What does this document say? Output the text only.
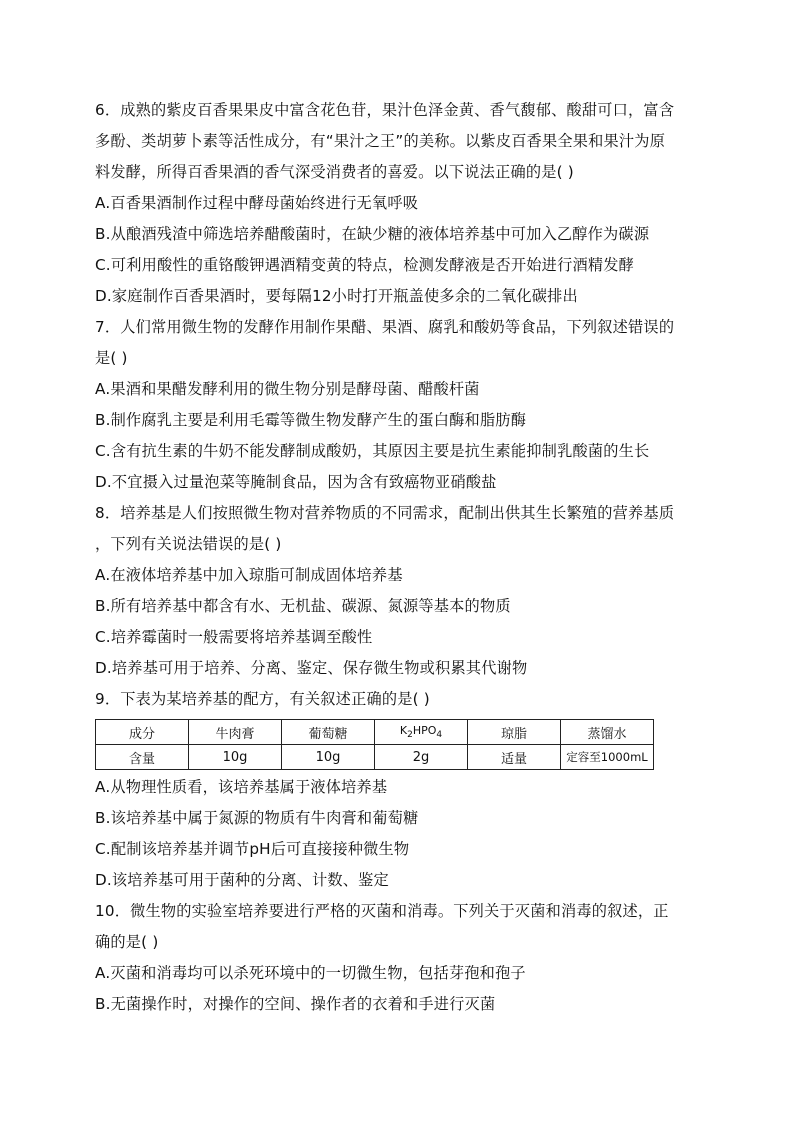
6．成熟的紫皮百香果果皮中富含花色苷，果汁色泽金黄、香气馥郁、酸甜可口，富含
多酚、类胡萝卜素等活性成分，有“果汁之王”的美称。以紫皮百香果全果和果汁为原
料发酵，所得百香果酒的香气深受消费者的喜爱。以下说法正确的是( )
A.百香果酒制作过程中酵母菌始终进行无氧呼吸
B.从酿酒残渣中筛选培养醋酸菌时，在缺少糖的液体培养基中可加入乙醇作为碳源
C.可利用酸性的重铬酸钾遇酒精变黄的特点，检测发酵液是否开始进行酒精发酵
D.家庭制作百香果酒时，要每隔12小时打开瓶盖使多余的二氧化碳排出
7．人们常用微生物的发酵作用制作果醋、果酒、腐乳和酸奶等食品，下列叙述错误的
是( )
A.果酒和果醋发酵利用的微生物分别是酵母菌、醋酸杆菌
B.制作腐乳主要是利用毛霉等微生物发酵产生的蛋白酶和脂肪酶
C.含有抗生素的牛奶不能发酵制成酸奶，其原因主要是抗生素能抑制乳酸菌的生长
D.不宜摄入过量泡菜等腌制食品，因为含有致癌物亚硝酸盐
8．培养基是人们按照微生物对营养物质的不同需求，配制出供其生长繁殖的营养基质
，下列有关说法错误的是( )
A.在液体培养基中加入琼脂可制成固体培养基
B.所有培养基中都含有水、无机盐、碳源、氮源等基本的物质
C.培养霉菌时一般需要将培养基调至酸性
D.培养基可用于培养、分离、鉴定、保存微生物或积累其代谢物
9．下表为某培养基的配方，有关叙述正确的是( )
成分	牛肉膏	葡萄糖	$K_2HPO_4$	琼脂	蒸馏水
含量	10g	10g	2g	适量	定容至1000mL
A.从物理性质看，该培养基属于液体培养基
B.该培养基中属于氮源的物质有牛肉膏和葡萄糖
C.配制该培养基并调节pH后可直接接种微生物
D.该培养基可用于菌种的分离、计数、鉴定
10．微生物的实验室培养要进行严格的灭菌和消毒。下列关于灭菌和消毒的叙述，正
确的是( )
A.灭菌和消毒均可以杀死环境中的一切微生物，包括芽孢和孢子
B.无菌操作时，对操作的空间、操作者的衣着和手进行灭菌
